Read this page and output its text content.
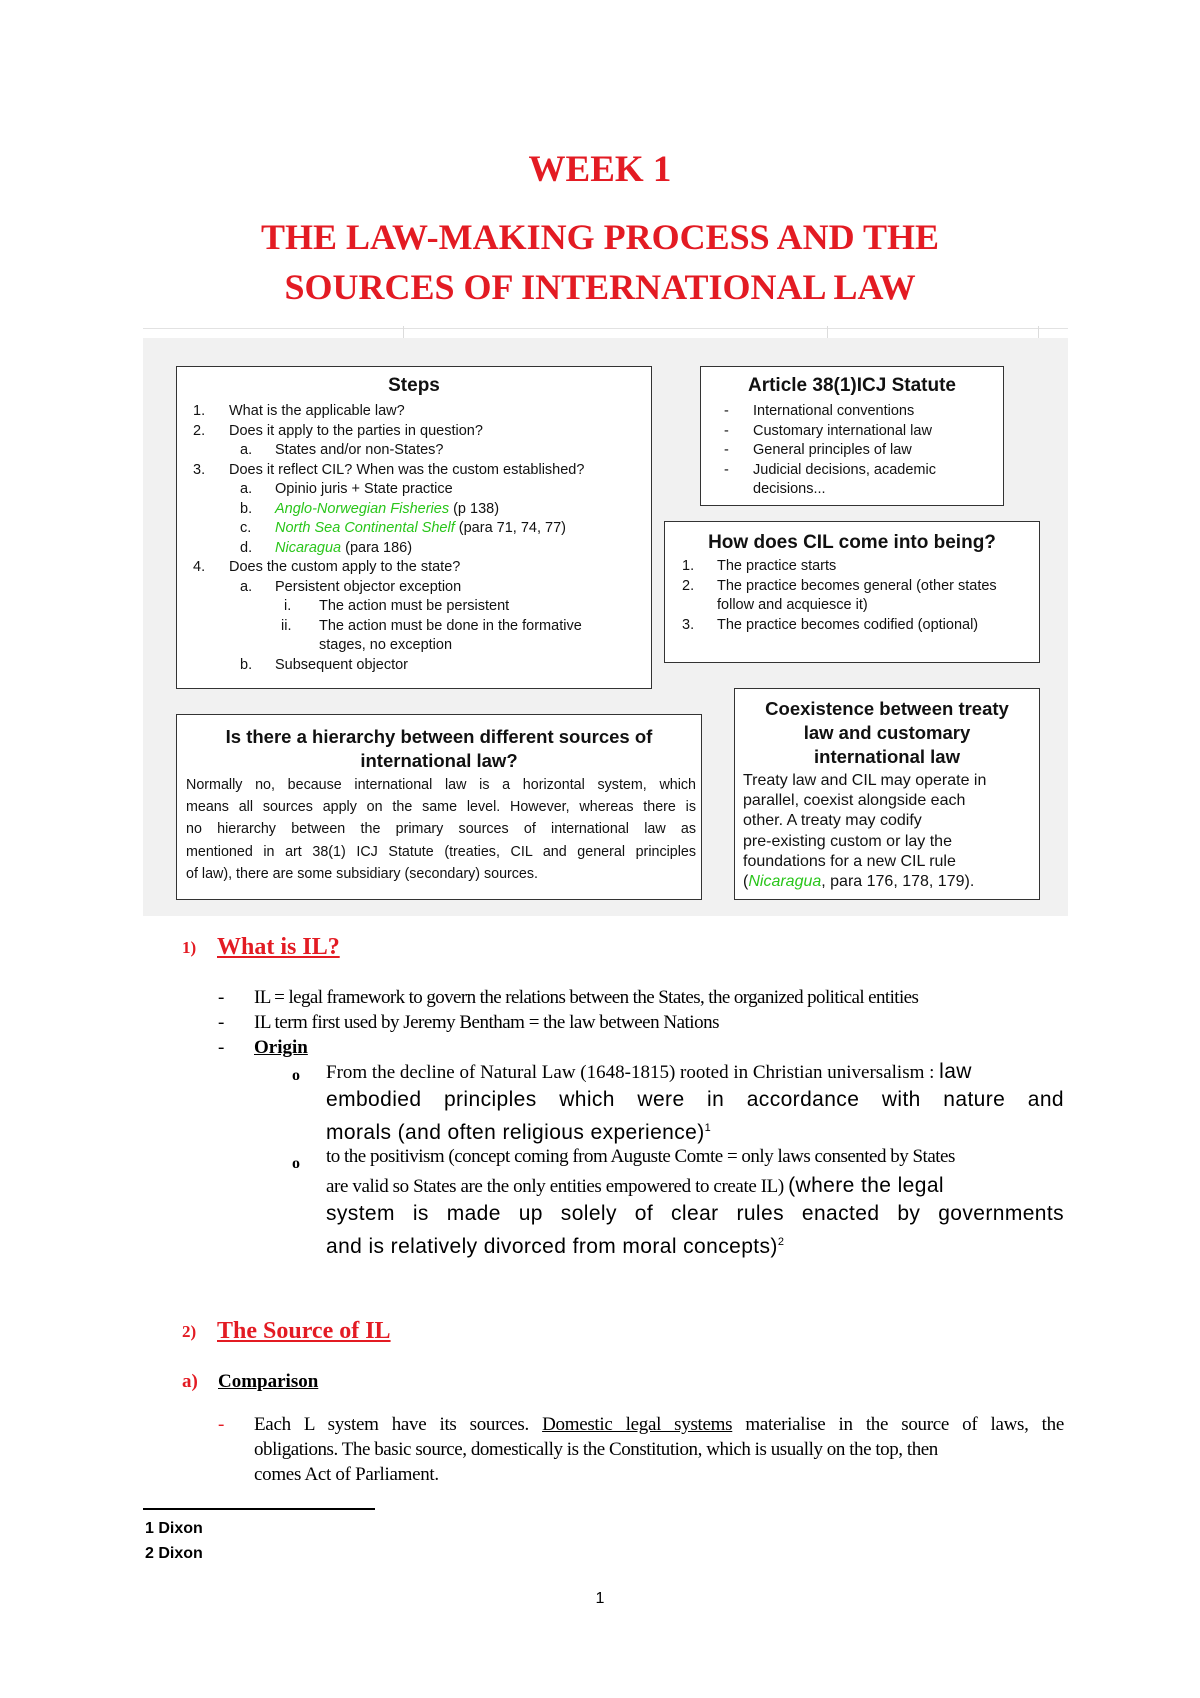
WEEK 1
THE LAW-MAKING PROCESS AND THE
SOURCES OF INTERNATIONAL LAW
Steps
1. What is the applicable law?
2. Does it apply to the parties in question?
a. States and/or non-States?
3. Does it reflect CIL? When was the custom established?
a. Opinio juris + State practice
b. Anglo-Norwegian Fisheries (p 138)
c. North Sea Continental Shelf (para 71, 74, 77)
d. Nicaragua (para 186)
4. Does the custom apply to the state?
a. Persistent objector exception
i. The action must be persistent
ii. The action must be done in the formative
stages, no exception
b. Subsequent objector
Article 38(1)ICJ Statute
- International conventions
- Customary international law
- General principles of law
- Judicial decisions, academic
decisions...
How does CIL come into being?
1. The practice starts
2. The practice becomes general (other states
follow and acquiesce it)
3. The practice becomes codified (optional)
Is there a hierarchy between different sources of
international law?
Normally no, because international law is a horizontal system, which
means all sources apply on the same level. However, whereas there is
no hierarchy between the primary sources of international law as
mentioned in art 38(1) ICJ Statute (treaties, CIL and general principles
of law), there are some subsidiary (secondary) sources.
Coexistence between treaty
law and customary
international law
Treaty law and CIL may operate in
parallel, coexist alongside each
other. A treaty may codify
pre-existing custom or lay the
foundations for a new CIL rule
(Nicaragua, para 176, 178, 179).
1) What is IL?
- IL = legal framework to govern the relations between the States, the organized political entities
- IL term first used by Jeremy Bentham = the law between Nations
- Origin
o From the decline of Natural Law (1648-1815) rooted in Christian universalism : law
embodied principles which were in accordance with nature and
morals (and often religious experience)$^1$
o to the positivism (concept coming from Auguste Comte = only laws consented by States
are valid so States are the only entities empowered to create IL) (where the legal
system is made up solely of clear rules enacted by governments
and is relatively divorced from moral concepts)$^2$
2) The Source of IL
a) Comparison
- Each L system have its sources. Domestic legal systems materialise in the source of laws, the
obligations. The basic source, domestically is the Constitution, which is usually on the top, then
comes Act of Parliament.
1 Dixon
2 Dixon
1
